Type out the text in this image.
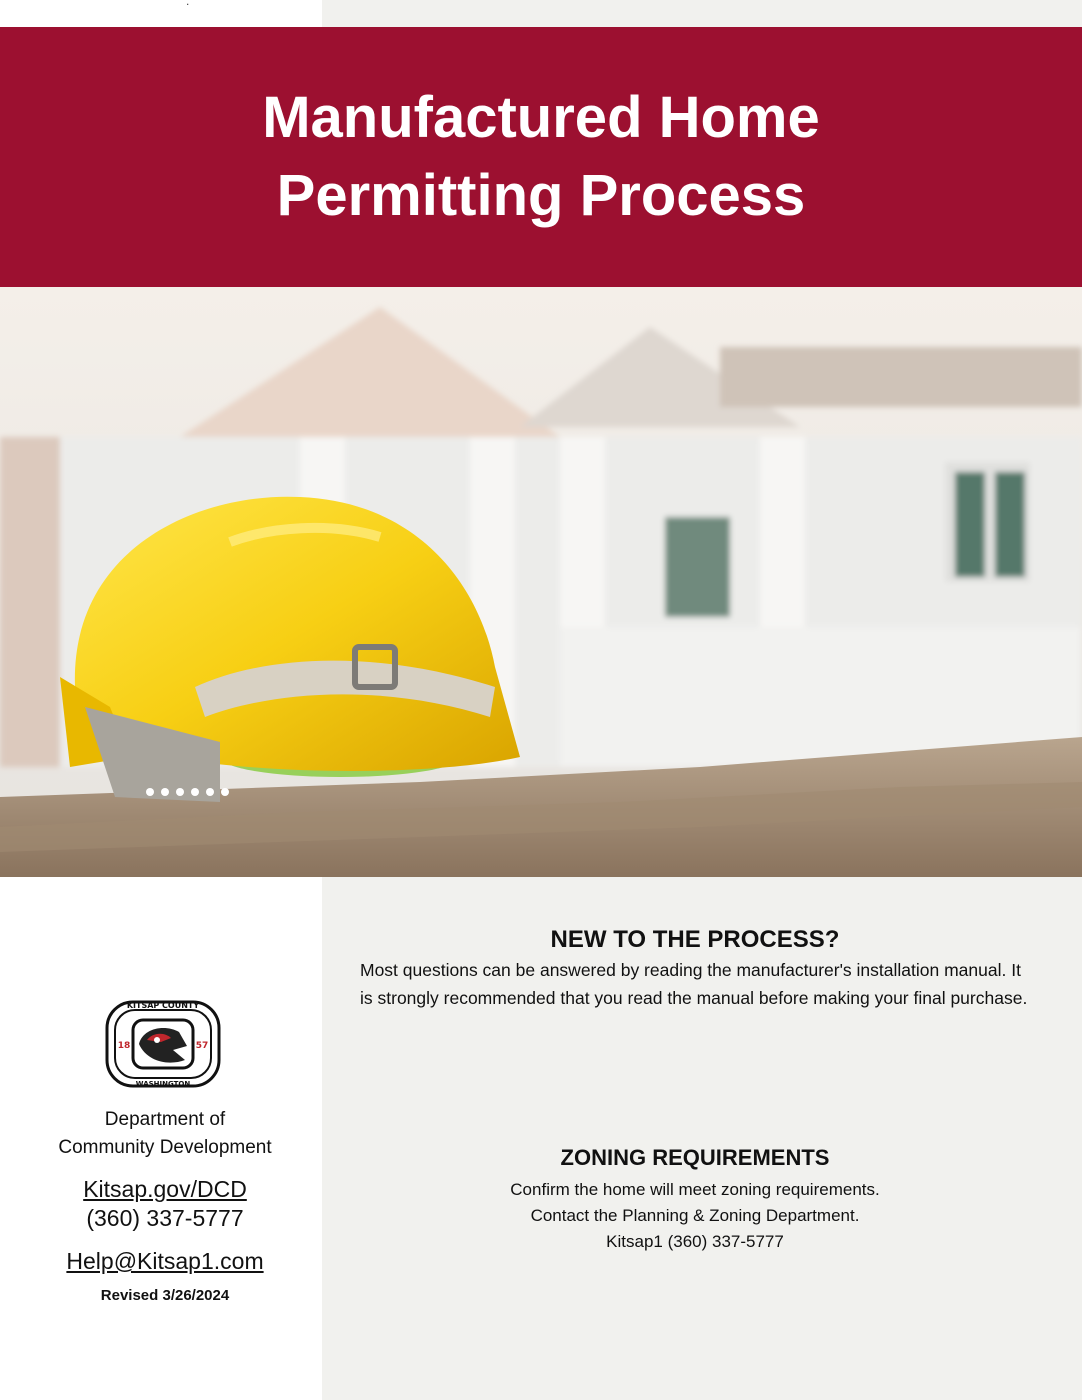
.
Manufactured Home
Permitting Process
NEW TO THE PROCESS?
Most questions can be answered by reading the manufacturer's installation manual. It is strongly recommended that you read the manual before making your final purchase.
ZONING REQUIREMENTS
Confirm the home will meet zoning requirements.
Contact the Planning & Zoning Department.
Kitsap1 (360) 337-5777
KITSAP COUNTY
WASHINGTON
18	57
Department of
Community Development
Kitsap.gov/DCD
(360) 337-5777
Help@Kitsap1.com
Revised 3/26/2024
